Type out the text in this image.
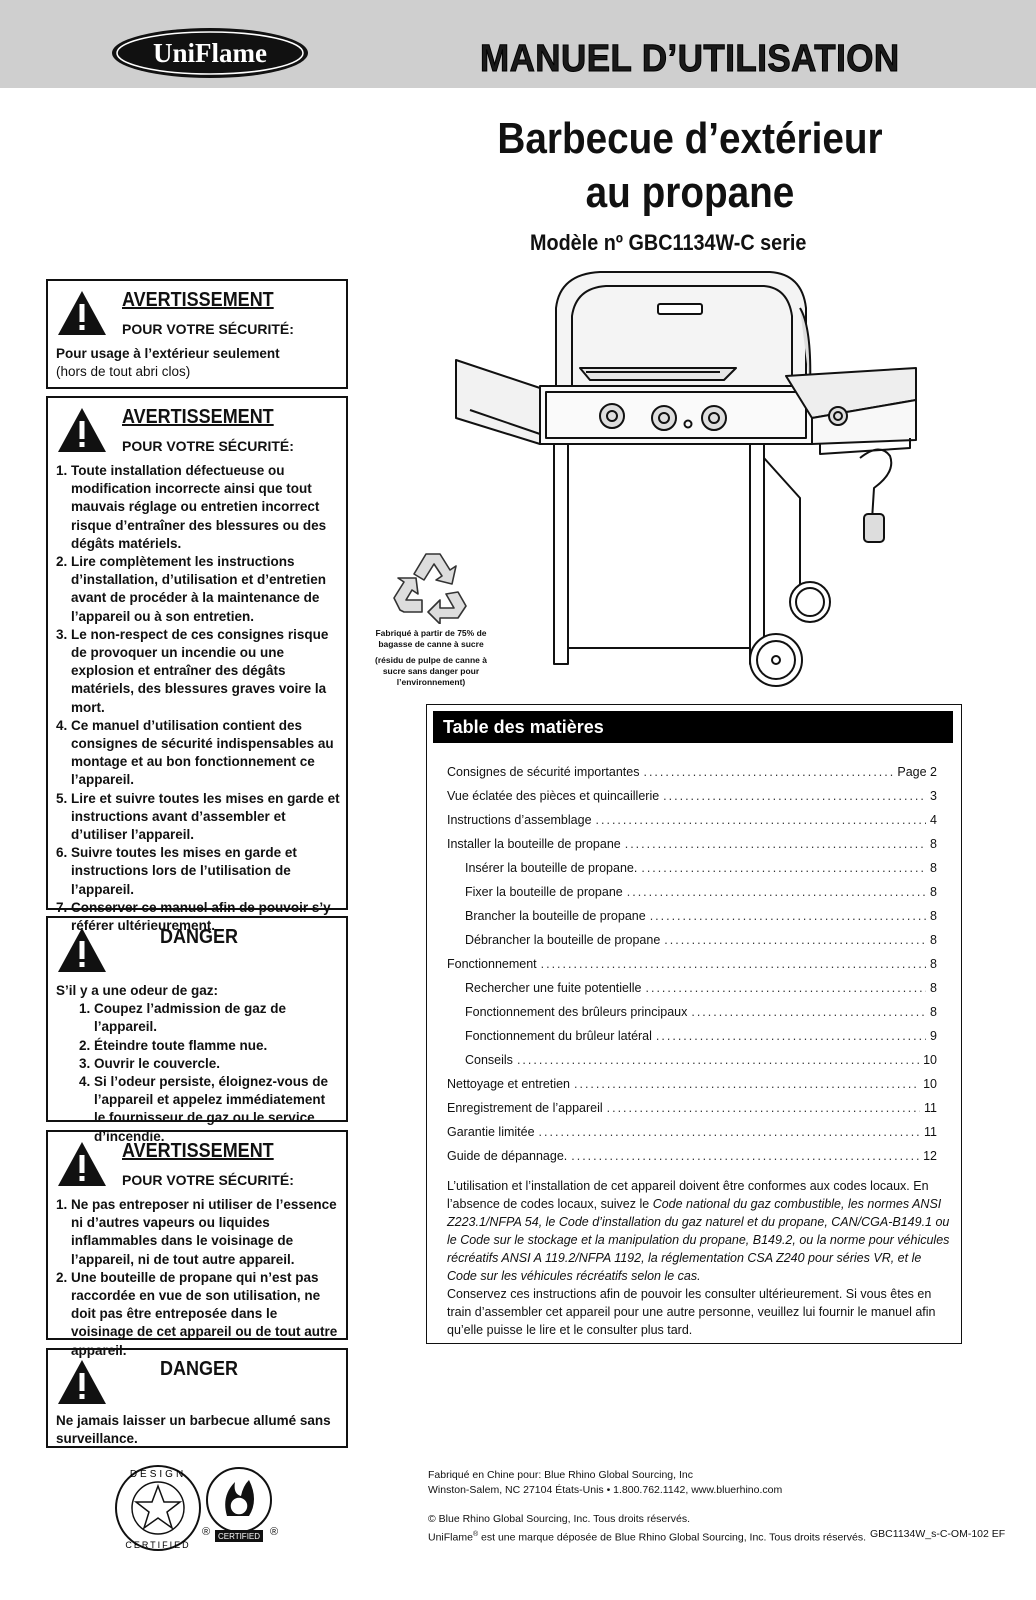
UniFlame	MANUEL D’UTILISATION
Barbecue d’extérieur
au propane
Modèle nº GBC1134W-C serie
AVERTISSEMENT
POUR VOTRE SÉCURITÉ:
Pour usage à l’extérieur seulement
(hors de tout abri clos)
AVERTISSEMENT
POUR VOTRE SÉCURITÉ:
1. Toute installation défectueuse ou modification incorrecte ainsi que tout mauvais réglage ou entretien incorrect risque d’entraîner des blessures ou des dégâts matériels.
2. Lire complètement les instructions d’installation, d’utilisation et d’entretien avant de procéder à la maintenance de l’appareil ou à son entretien.
3. Le non-respect de ces consignes risque de provoquer un incendie ou une explosion et entraîner des dégâts matériels, des blessures graves voire la mort.
4. Ce manuel d’utilisation contient des consignes de sécurité indispensables au montage et au bon fonctionnement ce l’appareil.
5. Lire et suivre toutes les mises en garde et instructions avant d’assembler et d’utiliser l’appareil.
6. Suivre toutes les mises en garde et instructions lors de l’utilisation de l’appareil.
7. Conserver ce manuel afin de pouvoir s’y référer ultérieurement.
DANGER
S’il y a une odeur de gaz:
1. Coupez l’admission de gaz de l’appareil.
2. Éteindre toute flamme nue.
3. Ouvrir le couvercle.
4. Si l’odeur persiste, éloignez-vous de l’appareil et appelez immédiatement le fournisseur de gaz ou le service d’incendie.
AVERTISSEMENT
POUR VOTRE SÉCURITÉ:
1. Ne pas entreposer ni utiliser de l’essence ni d’autres vapeurs ou liquides inflammables dans le voisinage de l’appareil, ni de tout autre appareil.
2. Une bouteille de propane qui n’est pas raccordée en vue de son utilisation, ne doit pas être entreposée dans le voisinage de cet appareil ou de tout autre appareil.
DANGER
Ne jamais laisser un barbecue allumé sans surveillance.
Fabriqué à partir de 75% de bagasse de canne à sucre
(résidu de pulpe de canne à sucre sans danger pour l’environnement)
Table des matières
Consignes de sécurité importantes .....	Page 2
Vue éclatée des pièces et quincaillerie .....	3
Instructions d’assemblage .....	4
Installer la bouteille de propane .....	8
Insérer la bouteille de propane. .....	8
Fixer la bouteille de propane .....	8
Brancher la bouteille de propane .....	8
Débrancher la bouteille de propane .....	8
Fonctionnement .....	8
Rechercher une fuite potentielle .....	8
Fonctionnement des brûleurs principaux .....	8
Fonctionnement du brûleur latéral .....	9
Conseils .....	10
Nettoyage et entretien .....	10
Enregistrement de l’appareil .....	11
Garantie limitée .....	11
Guide de dépannage. .....	12
L’utilisation et l’installation de cet appareil doivent être conformes aux codes locaux. En l’absence de codes locaux, suivez le Code national du gaz combustible, les normes ANSI Z223.1/NFPA 54, le Code d’installation du gaz naturel et du propane, CAN/CGA-B149.1 ou le Code sur le stockage et la manipulation du propane, B149.2, ou la norme pour véhicules récréatifs ANSI A 119.2/NFPA 1192, la réglementation CSA Z240 pour séries VR, et le Code sur les véhicules récréatifs selon le cas.
Conservez ces instructions afin de pouvoir les consulter ultérieurement. Si vous êtes en train d’assembler cet appareil pour une autre personne, veuillez lui fournir le manuel afin qu’elle puisse le lire et le consulter plus tard.
DESIGN
CERTIFIED
® CERTIFIED ®
Fabriqué en Chine pour: Blue Rhino Global Sourcing, Inc
Winston-Salem, NC 27104 États-Unis • 1.800.762.1142, www.bluerhino.com
© Blue Rhino Global Sourcing, Inc. Tous droits réservés.
UniFlame® est une marque déposée de Blue Rhino Global Sourcing, Inc. Tous droits réservés. GBC1134W_s-C-OM-102 EF
